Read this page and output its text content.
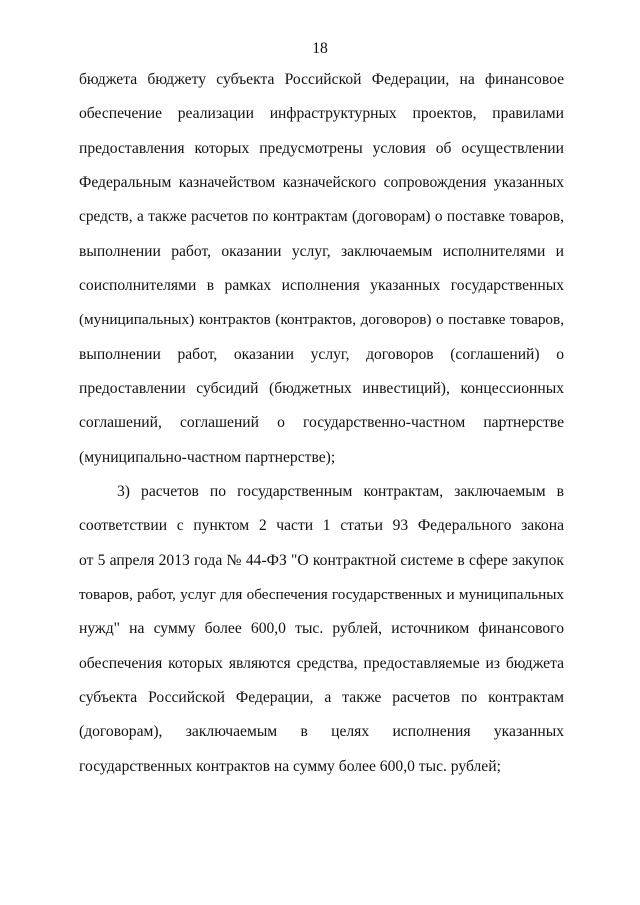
18
бюджета бюджету субъекта Российской Федерации, на финансовое
обеспечение реализации инфраструктурных проектов, правилами
предоставления которых предусмотрены условия об осуществлении
Федеральным казначейством казначейского сопровождения указанных
средств, а также расчетов по контрактам (договорам) о поставке товаров,
выполнении работ, оказании услуг, заключаемым исполнителями и
соисполнителями в рамках исполнения указанных государственных
(муниципальных) контрактов (контрактов, договоров) о поставке товаров,
выполнении работ, оказании услуг, договоров (соглашений) о
предоставлении субсидий (бюджетных инвестиций), концессионных
соглашений, соглашений о государственно-частном партнерстве
(муниципально-частном партнерстве);
3) расчетов по государственным контрактам, заключаемым в
соответствии с пунктом 2 части 1 статьи 93 Федерального закона
от 5 апреля 2013 года № 44-ФЗ "О контрактной системе в сфере закупок
товаров, работ, услуг для обеспечения государственных и муниципальных
нужд" на сумму более 600,0 тыс. рублей, источником финансового
обеспечения которых являются средства, предоставляемые из бюджета
субъекта Российской Федерации, а также расчетов по контрактам
(договорам), заключаемым в целях исполнения указанных
государственных контрактов на сумму более 600,0 тыс. рублей;
